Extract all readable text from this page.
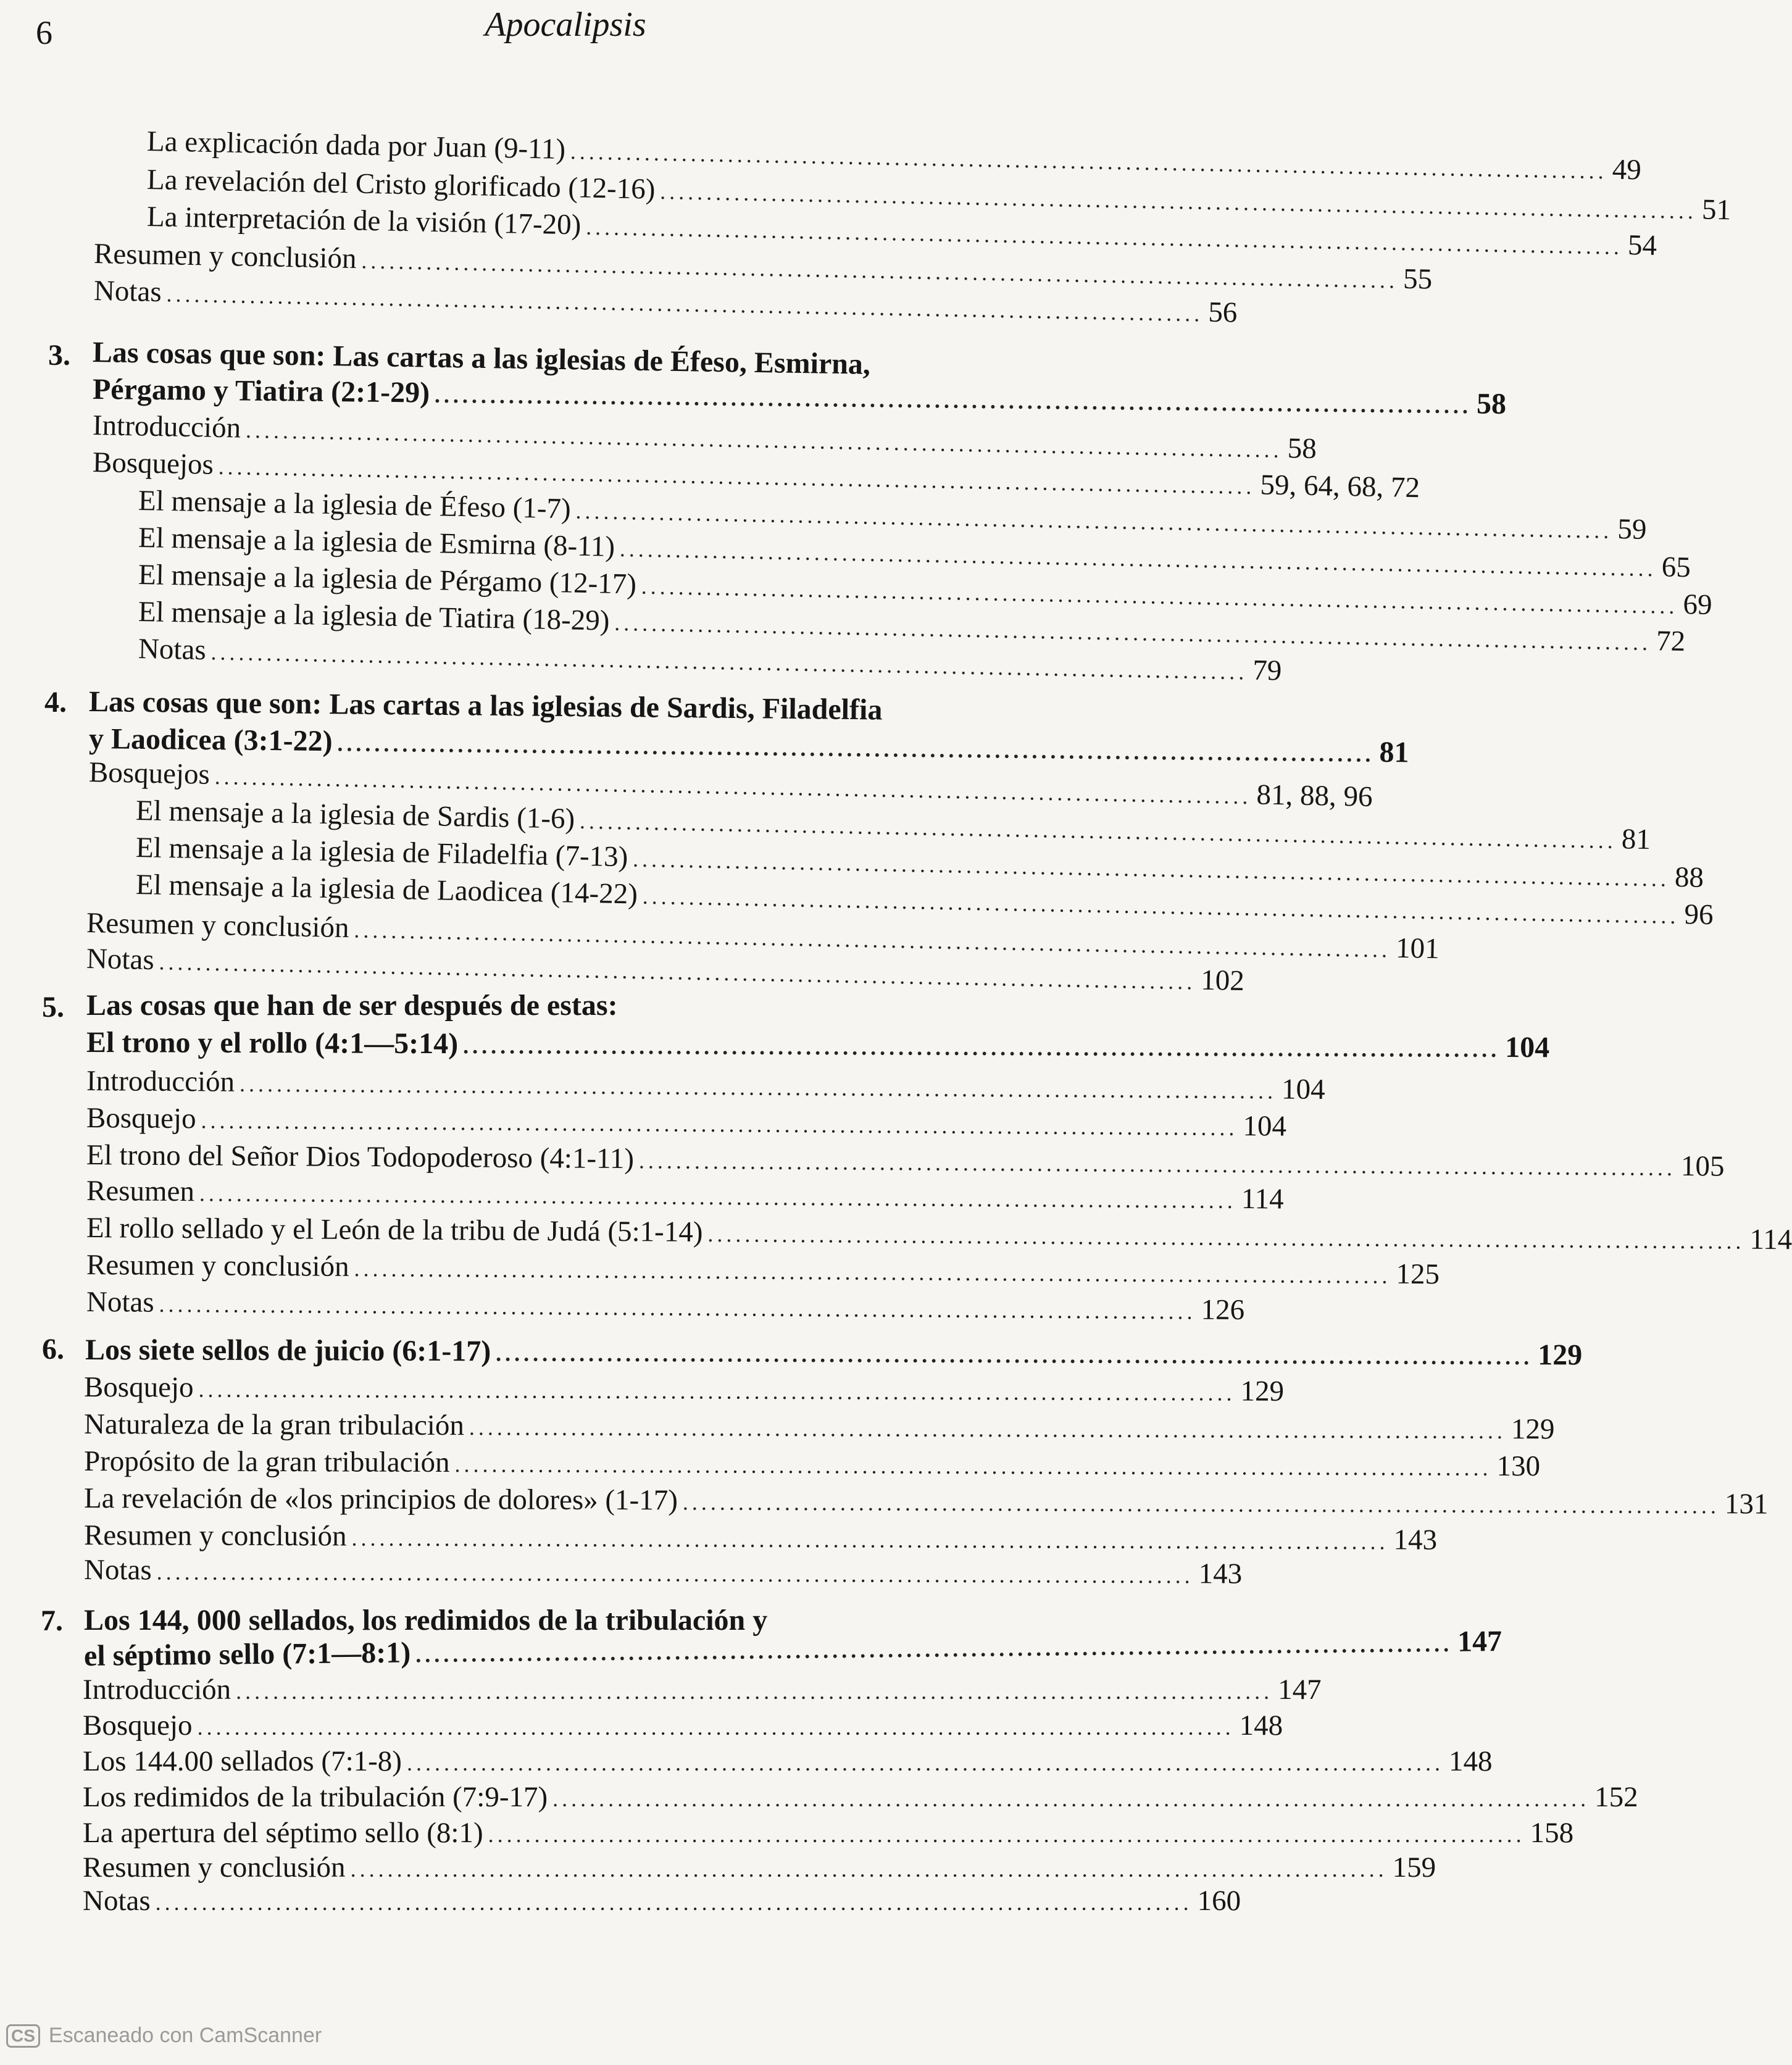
6	Apocalipsis
La explicación dada por Juan (9-11) ................................................................................................................ 49
La revelación del Cristo glorificado (12-16) ................................................................................................................ 51
La interpretación de la visión (17-20) ................................................................................................................ 54
Resumen y conclusión ................................................................................................................ 55
Notas ................................................................................................................ 56
3. Las cosas que son: Las cartas a las iglesias de Éfeso, Esmirna,
Pérgamo y Tiatira (2:1-29) ................................................................................................................ 58
Introducción ................................................................................................................ 58
Bosquejos ................................................................................................................ 59, 64, 68, 72
El mensaje a la iglesia de Éfeso (1-7) ................................................................................................................ 59
El mensaje a la iglesia de Esmirna (8-11) ................................................................................................................ 65
El mensaje a la iglesia de Pérgamo (12-17) ................................................................................................................ 69
El mensaje a la iglesia de Tiatira (18-29) ................................................................................................................ 72
Notas ................................................................................................................ 79
4. Las cosas que son: Las cartas a las iglesias de Sardis, Filadelfia
y Laodicea (3:1-22) ................................................................................................................ 81
Bosquejos ................................................................................................................ 81, 88, 96
El mensaje a la iglesia de Sardis (1-6) ................................................................................................................ 81
El mensaje a la iglesia de Filadelfia (7-13) ................................................................................................................ 88
El mensaje a la iglesia de Laodicea (14-22) ................................................................................................................ 96
Resumen y conclusión ................................................................................................................ 101
Notas ................................................................................................................ 102
5. Las cosas que han de ser después de estas:
El trono y el rollo (4:1—5:14) ................................................................................................................ 104
Introducción ................................................................................................................ 104
Bosquejo ................................................................................................................ 104
El trono del Señor Dios Todopoderoso (4:1-11) ................................................................................................................ 105
Resumen ................................................................................................................ 114
El rollo sellado y el León de la tribu de Judá (5:1-14) ................................................................................................................ 114
Resumen y conclusión ................................................................................................................ 125
Notas ................................................................................................................ 126
6. Los siete sellos de juicio (6:1-17) ................................................................................................................ 129
Bosquejo ................................................................................................................ 129
Naturaleza de la gran tribulación ................................................................................................................ 129
Propósito de la gran tribulación ................................................................................................................ 130
La revelación de «los principios de dolores» (1-17) ................................................................................................................ 131
Resumen y conclusión ................................................................................................................ 143
Notas ................................................................................................................ 143
7. Los 144, 000 sellados, los redimidos de la tribulación y
el séptimo sello (7:1—8:1) ................................................................................................................ 147
Introducción ................................................................................................................ 147
Bosquejo ................................................................................................................ 148
Los 144.00 sellados (7:1-8) ................................................................................................................ 148
Los redimidos de la tribulación (7:9-17) ................................................................................................................ 152
La apertura del séptimo sello (8:1) ................................................................................................................ 158
Resumen y conclusión ................................................................................................................ 159
Notas ................................................................................................................ 160
CS Escaneado con CamScanner
